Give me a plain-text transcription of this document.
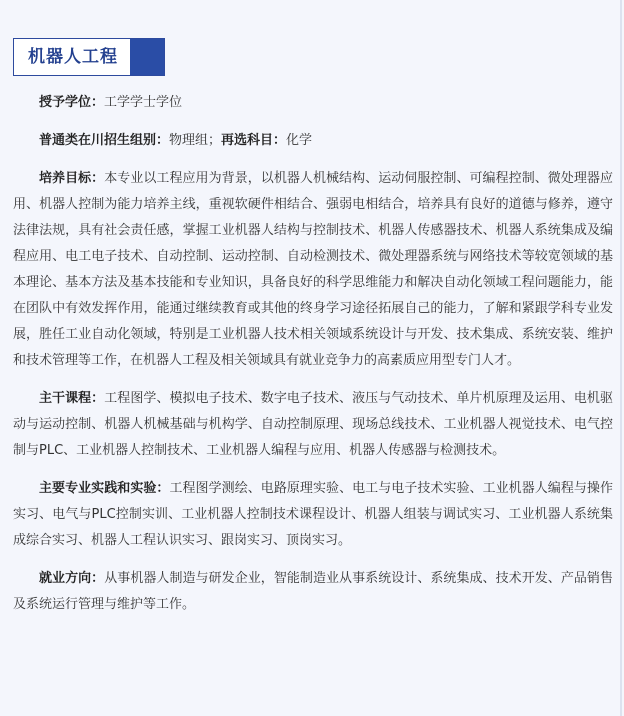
机器人工程

授予学位：工学学士学位

普通类在川招生组别：物理组；再选科目：化学

培养目标：本专业以工程应用为背景，以机器人机械结构、运动伺服控制、可编程控制、微处理器应用、机器人控制为能力培养主线，重视软硬件相结合、强弱电相结合，培养具有良好的道德与修养，遵守法律法规，具有社会责任感，掌握工业机器人结构与控制技术、机器人传感器技术、机器人系统集成及编程应用、电工电子技术、自动控制、运动控制、自动检测技术、微处理器系统与网络技术等较宽领域的基本理论、基本方法及基本技能和专业知识，具备良好的科学思维能力和解决自动化领域工程问题能力，能在团队中有效发挥作用，能通过继续教育或其他的终身学习途径拓展自己的能力，了解和紧跟学科专业发展，胜任工业自动化领域，特别是工业机器人技术相关领域系统设计与开发、技术集成、系统安装、维护和技术管理等工作，在机器人工程及相关领域具有就业竞争力的高素质应用型专门人才。

主干课程：工程图学、模拟电子技术、数字电子技术、液压与气动技术、单片机原理及运用、电机驱动与运动控制、机器人机械基础与机构学、自动控制原理、现场总线技术、工业机器人视觉技术、电气控制与PLC、工业机器人控制技术、工业机器人编程与应用、机器人传感器与检测技术。

主要专业实践和实验：工程图学测绘、电路原理实验、电工与电子技术实验、工业机器人编程与操作实习、电气与PLC控制实训、工业机器人控制技术课程设计、机器人组装与调试实习、工业机器人系统集成综合实习、机器人工程认识实习、跟岗实习、顶岗实习。

就业方向：从事机器人制造与研发企业，智能制造业从事系统设计、系统集成、技术开发、产品销售及系统运行管理与维护等工作。
